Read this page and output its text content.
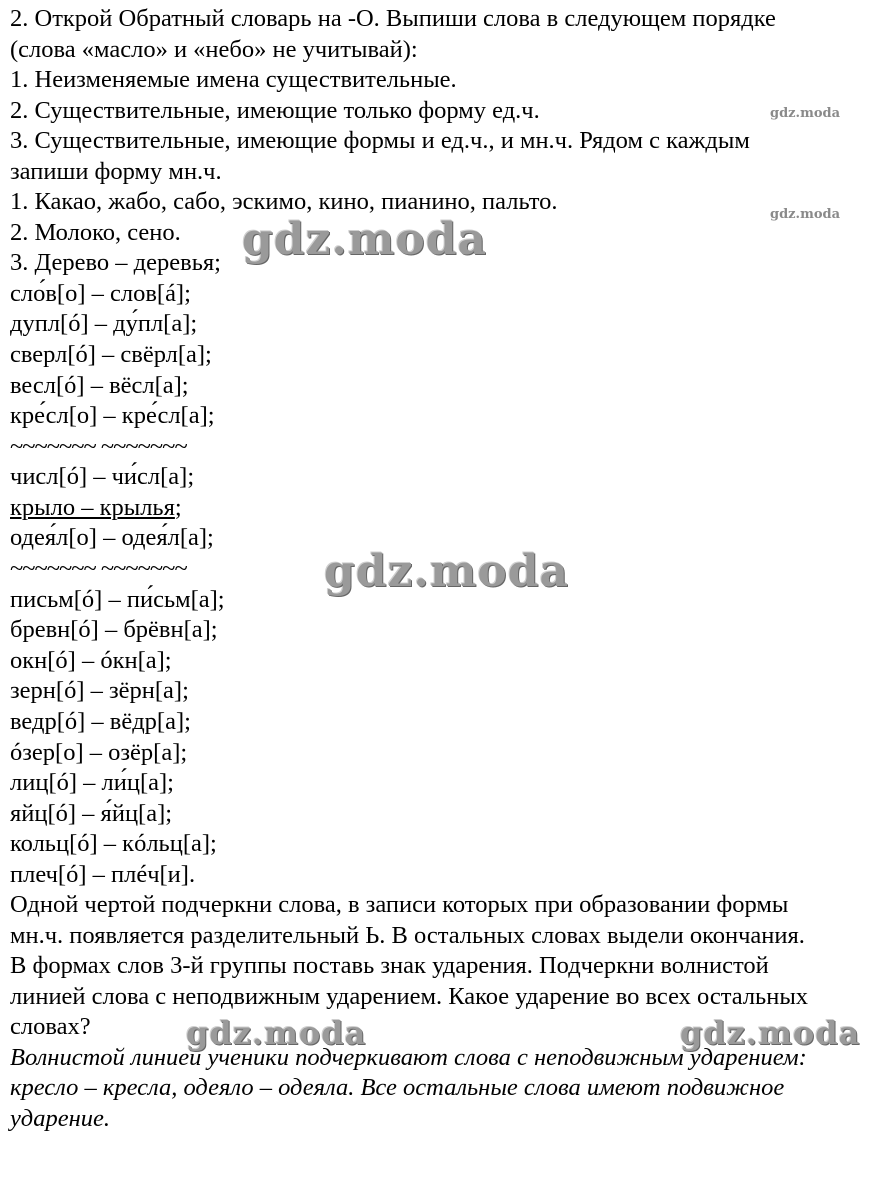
2. Открой Обратный словарь на -О. Выпиши слова в следующем порядке
(слова «масло» и «небо» не учитывай):
1. Неизменяемые имена существительные.
2. Существительные, имеющие только форму ед.ч.
3. Существительные, имеющие формы и ед.ч., и мн.ч. Рядом с каждым
запиши форму мн.ч.
1. Какао, жабо, сабо, эскимо, кино, пианино, пальто.
2. Молоко, сено.
3. Дерево – деревья;
сло́в[о] – слов[á];
дупл[ó] – ду́пл[а];
сверл[ó] – свёрл[а];
весл[ó] – вёсл[а];
кре́сл[о] – кре́сл[а];
~~~~~~~ ~~~~~~~
числ[ó] – чи́сл[а];
крыло – крылья;
одея́л[о] – одея́л[а];
~~~~~~~ ~~~~~~~
письм[ó] – пи́сьм[а];
бревн[ó] – брёвн[а];
окн[ó] – óкн[а];
зерн[ó] – зёрн[а];
ведр[ó] – вёдр[а];
óзер[о] – озёр[а];
лиц[ó] – ли́ц[а];
яйц[ó] – я́йц[а];
кольц[ó] – кóльц[а];
плеч[ó] – плéч[и].
Одной чертой подчеркни слова, в записи которых при образовании формы
мн.ч. появляется разделительный Ь. В остальных словах выдели окончания.
В формах слов 3-й группы поставь знак ударения. Подчеркни волнистой
линией слова с неподвижным ударением. Какое ударение во всех остальных
словах?
Волнистой линией ученики подчеркивают слова с неподвижным ударением:
кресло – кресла, одеяло – одеяла. Все остальные слова имеют подвижное
ударение.
gdz.moda
gdz.moda
gdz.moda
gdz.moda
gdz.moda	gdz.moda
